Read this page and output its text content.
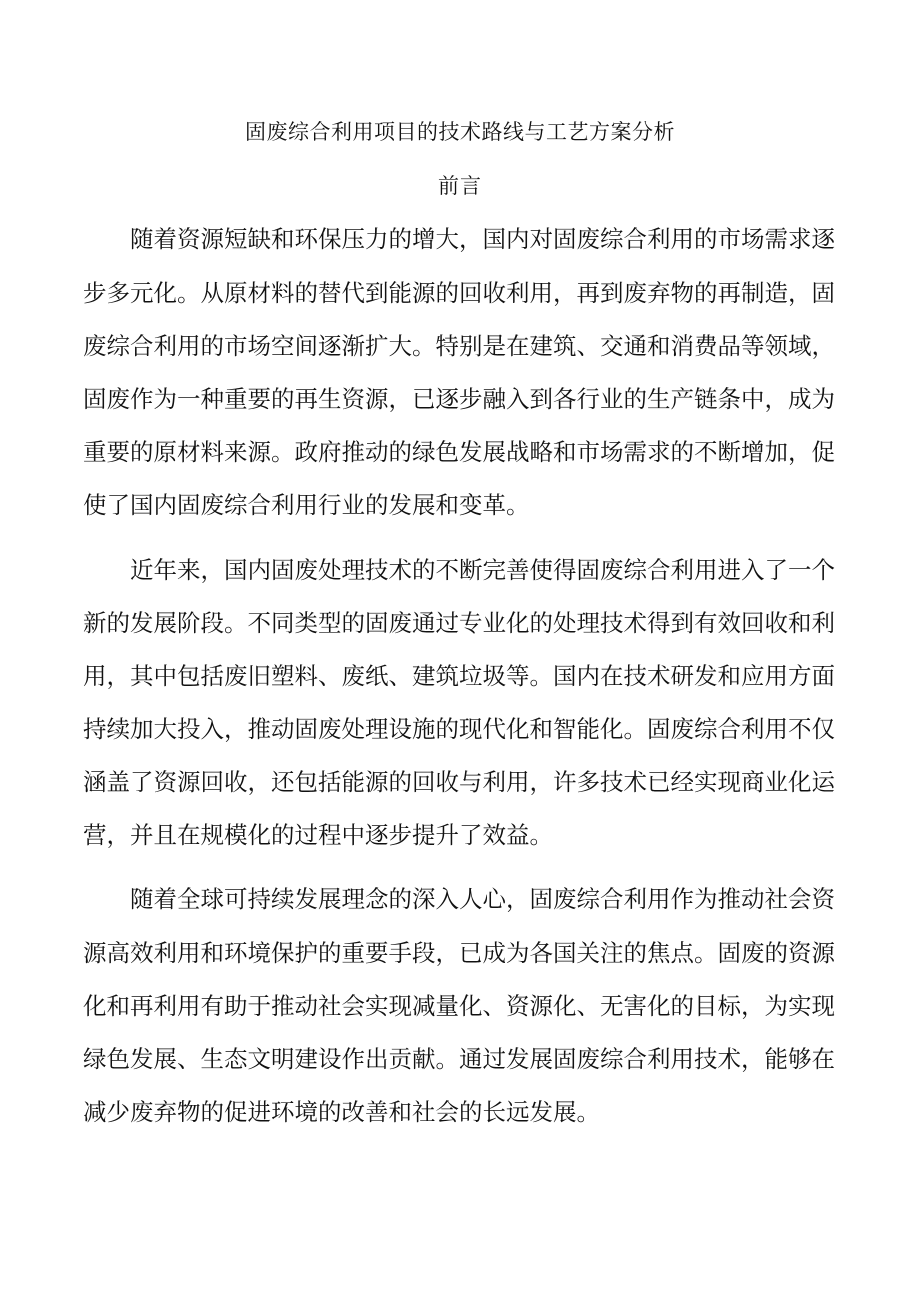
固废综合利用项目的技术路线与工艺方案分析
前言
随着资源短缺和环保压力的增大，国内对固废综合利用的市场需求逐
步多元化。从原材料的替代到能源的回收利用，再到废弃物的再制造，固
废综合利用的市场空间逐渐扩大。特别是在建筑、交通和消费品等领域，
固废作为一种重要的再生资源，已逐步融入到各行业的生产链条中，成为
重要的原材料来源。政府推动的绿色发展战略和市场需求的不断增加，促
使了国内固废综合利用行业的发展和变革。
近年来，国内固废处理技术的不断完善使得固废综合利用进入了一个
新的发展阶段。不同类型的固废通过专业化的处理技术得到有效回收和利
用，其中包括废旧塑料、废纸、建筑垃圾等。国内在技术研发和应用方面
持续加大投入，推动固废处理设施的现代化和智能化。固废综合利用不仅
涵盖了资源回收，还包括能源的回收与利用，许多技术已经实现商业化运
营，并且在规模化的过程中逐步提升了效益。
随着全球可持续发展理念的深入人心，固废综合利用作为推动社会资
源高效利用和环境保护的重要手段，已成为各国关注的焦点。固废的资源
化和再利用有助于推动社会实现减量化、资源化、无害化的目标，为实现
绿色发展、生态文明建设作出贡献。通过发展固废综合利用技术，能够在
减少废弃物的促进环境的改善和社会的长远发展。
